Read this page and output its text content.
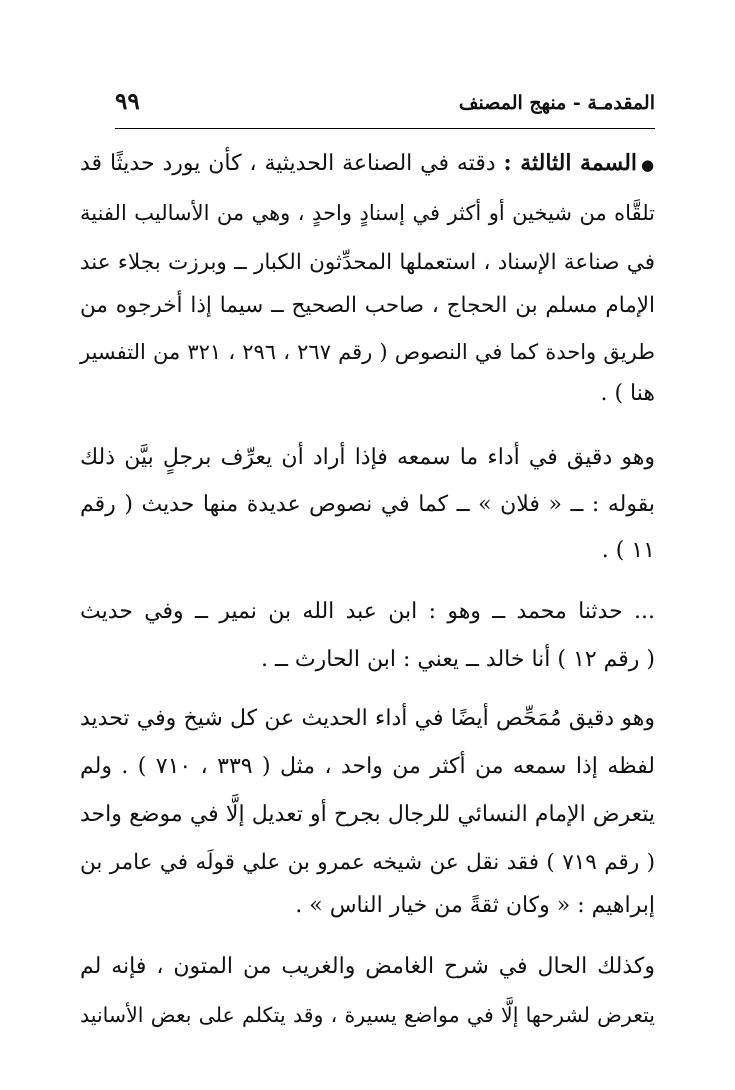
المقدمـة - منهج المصنف
٩٩
●السمة الثالثة : دقته في الصناعة الحديثية ، كأن يورد حديثًا قد
تلقَّاه من شيخين أو أكثر في إسنادٍ واحدٍ ، وهي من الأساليب الفنية
في صناعة الإسناد ، استعملها المحدِّثون الكبار ــ وبرزت بجلاء عند
الإمام مسلم بن الحجاج ، صاحب الصحيح ــ سيما إذا أخرجوه من
طريق واحدة كما في النصوص ( رقم ٢٦٧ ، ٢٩٦ ، ٣٢١ من التفسير
هنا ) .
وهو دقيق في أداء ما سمعه فإذا أراد أن يعرِّف برجلٍ بيَّن ذلك
بقوله : ــ « فلان » ــ كما في نصوص عديدة منها حديث ( رقم
١١ ) .
... حدثنا محمد ــ وهو : ابن عبد الله بن نمير ــ وفي حديث
( رقم ١٢ ) أنا خالد ــ يعني : ابن الحارث ــ .
وهو دقيق مُمَحِّص أيضًا في أداء الحديث عن كل شيخ وفي تحديد
لفظه إذا سمعه من أكثر من واحد ، مثل ( ٣٣٩ ، ٧١٠ ) . ولم
يتعرض الإمام النسائي للرجال بجرح أو تعديل إلَّا في موضع واحد
( رقم ٧١٩ ) فقد نقل عن شيخه عمرو بن علي قولَه في عامر بن
إبراهيم : « وكان ثقةً من خيار الناس » .
وكذلك الحال في شرح الغامض والغريب من المتون ، فإنه لم
يتعرض لشرحها إلَّا في مواضع يسيرة ، وقد يتكلم على بعض الأسانيد
